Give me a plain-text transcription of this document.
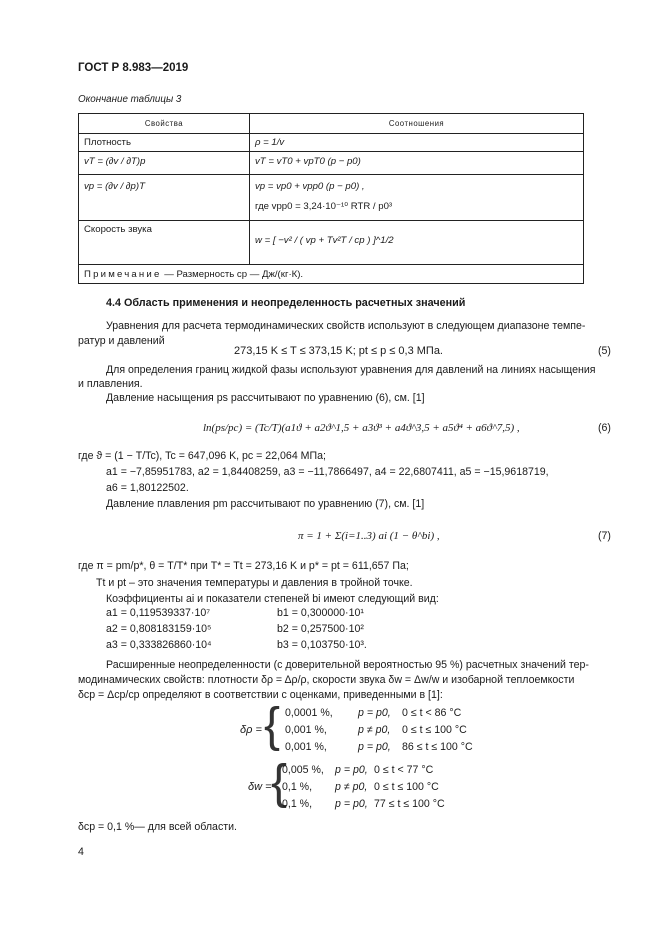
ГОСТ Р 8.983—2019
Окончание таблицы 3
Свойства	Соотношения
Плотность	ρ = 1/v
vT = (∂v / ∂T)p	vT = vT0 + vpT0 (p − p0)
vp = (∂v / ∂p)T	vp = vp0 + vpp0 (p − p0) ,
где vpp0 = 3,24·10⁻¹⁰ RTR / p0³

Скорость звука	w = [ −v² / ( vp + Tv²T / cp ) ]^1/2
Примечание — Размерность cp — Дж/(кг·К).	
4.4 Область применения и неопределенность расчетных значений
Уравнения для расчета термодинамических свойств используют в следующем диапазоне темпе-
ратур и давлений
273,15 K ≤ T ≤ 373,15 K; pt ≤ p ≤ 0,3 МПа.	(5)
Для определения границ жидкой фазы используют уравнения для давлений на линиях насыщения
и плавления.
Давление насыщения ps рассчитывают по уравнению (6), см. [1]
ln(ps/pc) = (Tc/T)(a1ϑ + a2ϑ^1,5 + a3ϑ³ + a4ϑ^3,5 + a5ϑ⁴ + a6ϑ^7,5) ,	(6)
где ϑ = (1 − T/Tc), Tc = 647,096 K, pc = 22,064 МПа;
a1 = −7,85951783, a2 = 1,84408259, a3 = −11,7866497, a4 = 22,6807411, a5 = −15,9618719,
a6 = 1,80122502.
Давление плавления pm рассчитывают по уравнению (7), см. [1]
π = 1 + Σ(i=1..3) ai (1 − θ^bi) ,	(7)
где π = pm/p*, θ = T/T* при T* = Tt = 273,16 K и p* = pt = 611,657 Па;
Tt и pt – это значения температуры и давления в тройной точке.
Коэффициенты ai и показатели степеней bi имеют следующий вид:
a1 = 0,119539337·10⁷	b1 = 0,300000·10¹
a2 = 0,808183159·10⁵	b2 = 0,257500·10²
a3 = 0,333826860·10⁴	b3 = 0,103750·10³.
Расширенные неопределенности (с доверительной вероятностью 95 %) расчетных значений тер-
модинамических свойств: плотности δρ = Δρ/ρ, скорости звука δw = Δw/w и изобарной теплоемкости
δcp = Δcp/cp определяют в соответствии с оценками, приведенными в [1]:
δρ = { 0,0001 %, p = p0, 0 ≤ t < 86 °C
0,001 %,	p ≠ p0, 0 ≤ t ≤ 100 °C
0,001 %,	p = p0, 86 ≤ t ≤ 100 °C
δw = {
0,005 %, p = p0, 0 ≤ t < 77 °C
0,1 %, p ≠ p0, 0 ≤ t ≤ 100 °C
0,1 %, p = p0, 77 ≤ t ≤ 100 °C
δcp = 0,1 %— для всей области.
4
